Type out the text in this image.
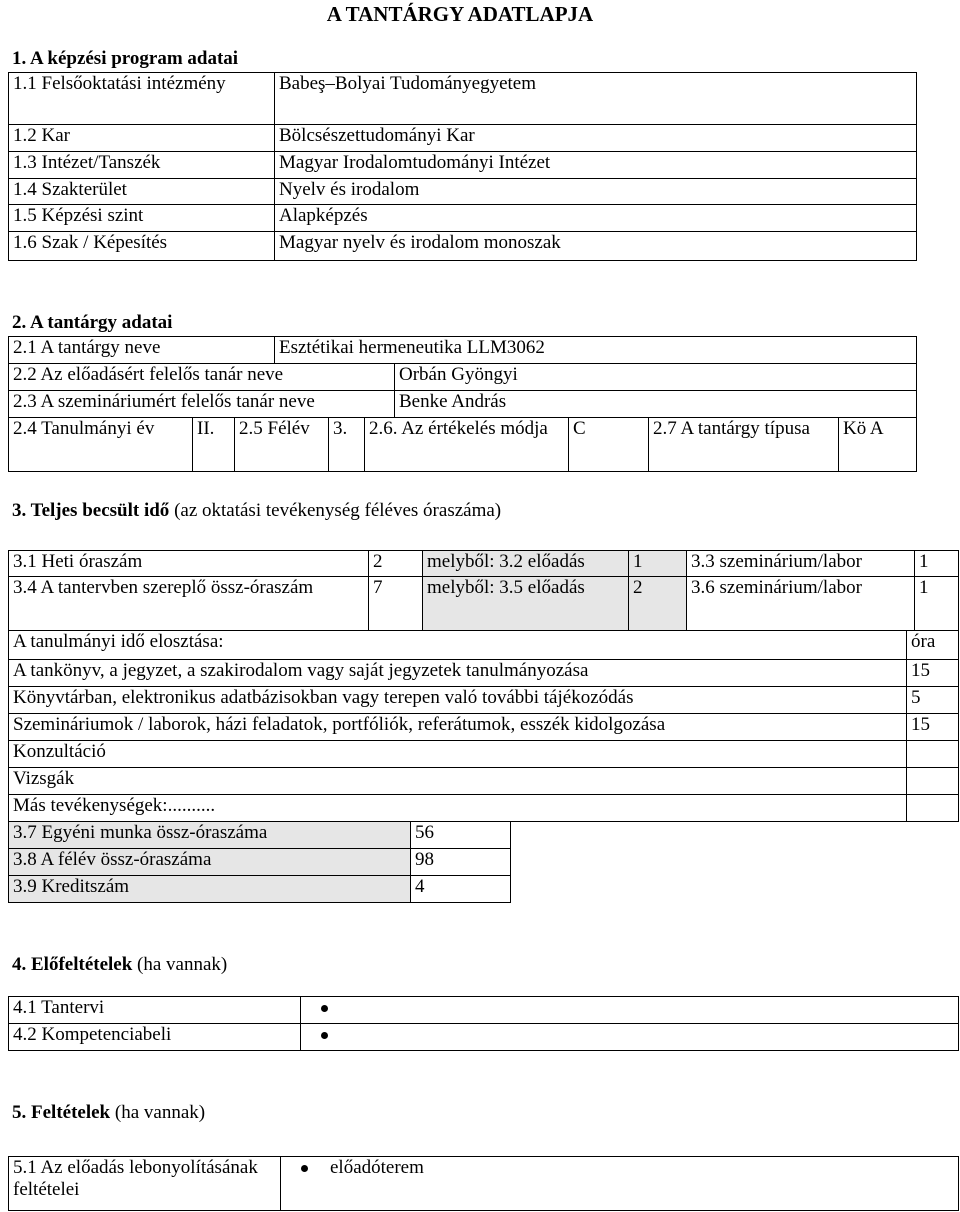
A TANTÁRGY ADATLAPJA
1. A képzési program adatai
1.1 Felsőoktatási intézmény	Babeş–Bolyai Tudományegyetem
1.2 Kar	Bölcsészettudományi Kar
1.3 Intézet/Tanszék	Magyar Irodalomtudományi Intézet
1.4 Szakterület	Nyelv és irodalom
1.5 Képzési szint	Alapképzés
1.6 Szak / Képesítés	Magyar nyelv és irodalom monoszak
2. A tantárgy adatai
2.1 A tantárgy neve	Esztétikai hermeneutika LLM3062
2.2 Az előadásért felelős tanár neve	Orbán Gyöngyi
2.3 A szemináriumért felelős tanár neve	Benke András
2.4 Tanulmányi év	II.	2.5 Félév	3.	2.6. Az értékelés módja	C	2.7 A tantárgy típusa	Kö A
3. Teljes becsült idő (az oktatási tevékenység féléves óraszáma)
3.1 Heti óraszám	2	melyből: 3.2 előadás	1	3.3 szeminárium/labor	1
3.4 A tantervben szereplő össz-óraszám	7	melyből: 3.5 előadás	2	3.6 szeminárium/labor	1
A tanulmányi idő elosztása:	óra
A tankönyv, a jegyzet, a szakirodalom vagy saját jegyzetek tanulmányozása	15
Könyvtárban, elektronikus adatbázisokban vagy terepen való további tájékozódás	5
Szemináriumok / laborok, házi feladatok, portfóliók, referátumok, esszék kidolgozása	15
Konzultáció	
Vizsgák	
Más tevékenységek:..........	
3.7 Egyéni munka össz-óraszáma	56
3.8 A félév össz-óraszáma	98
3.9 Kreditszám	4
4. Előfeltételek (ha vannak)
4.1 Tantervi	
4.2 Kompetenciabeli	
5. Feltételek (ha vannak)
5.1 Az előadás lebonyolításának feltételei	előadóterem
